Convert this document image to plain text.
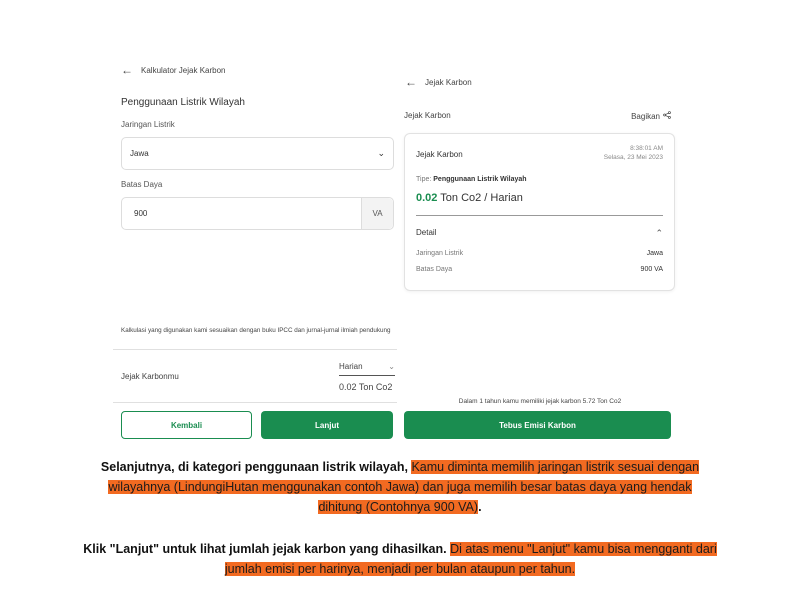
← Kalkulator Jejak Karbon
Penggunaan Listrik Wilayah
Jaringan Listrik
Jawa	⌄
Batas Daya
900	VA
Kalkulasi yang digunakan kami sesuaikan dengan buku IPCC dan jurnal-jurnal ilmiah pendukung
Jejak Karbonmu
Harian	⌄
0.02 Ton Co2
Kembali	Lanjut
← Jejak Karbon
Jejak Karbon	Bagikan
Jejak Karbon
8:38:01 AM
Selasa, 23 Mei 2023
Tipe: Penggunaan Listrik Wilayah
0.02 Ton Co2 / Harian
Detail	⌃
Jaringan Listrik	Jawa
Batas Daya	900 VA
Dalam 1 tahun kamu memiliki jejak karbon 5.72 Ton Co2
Tebus Emisi Karbon
Selanjutnya, di kategori penggunaan listrik wilayah, Kamu diminta memilih jaringan listrik sesuai dengan
wilayahnya (LindungiHutan menggunakan contoh Jawa) dan juga memilih besar batas daya yang hendak
dihitung (Contohnya 900 VA).
Klik "Lanjut" untuk lihat jumlah jejak karbon yang dihasilkan. Di atas menu "Lanjut" kamu bisa mengganti dari
jumlah emisi per harinya, menjadi per bulan ataupun per tahun.
